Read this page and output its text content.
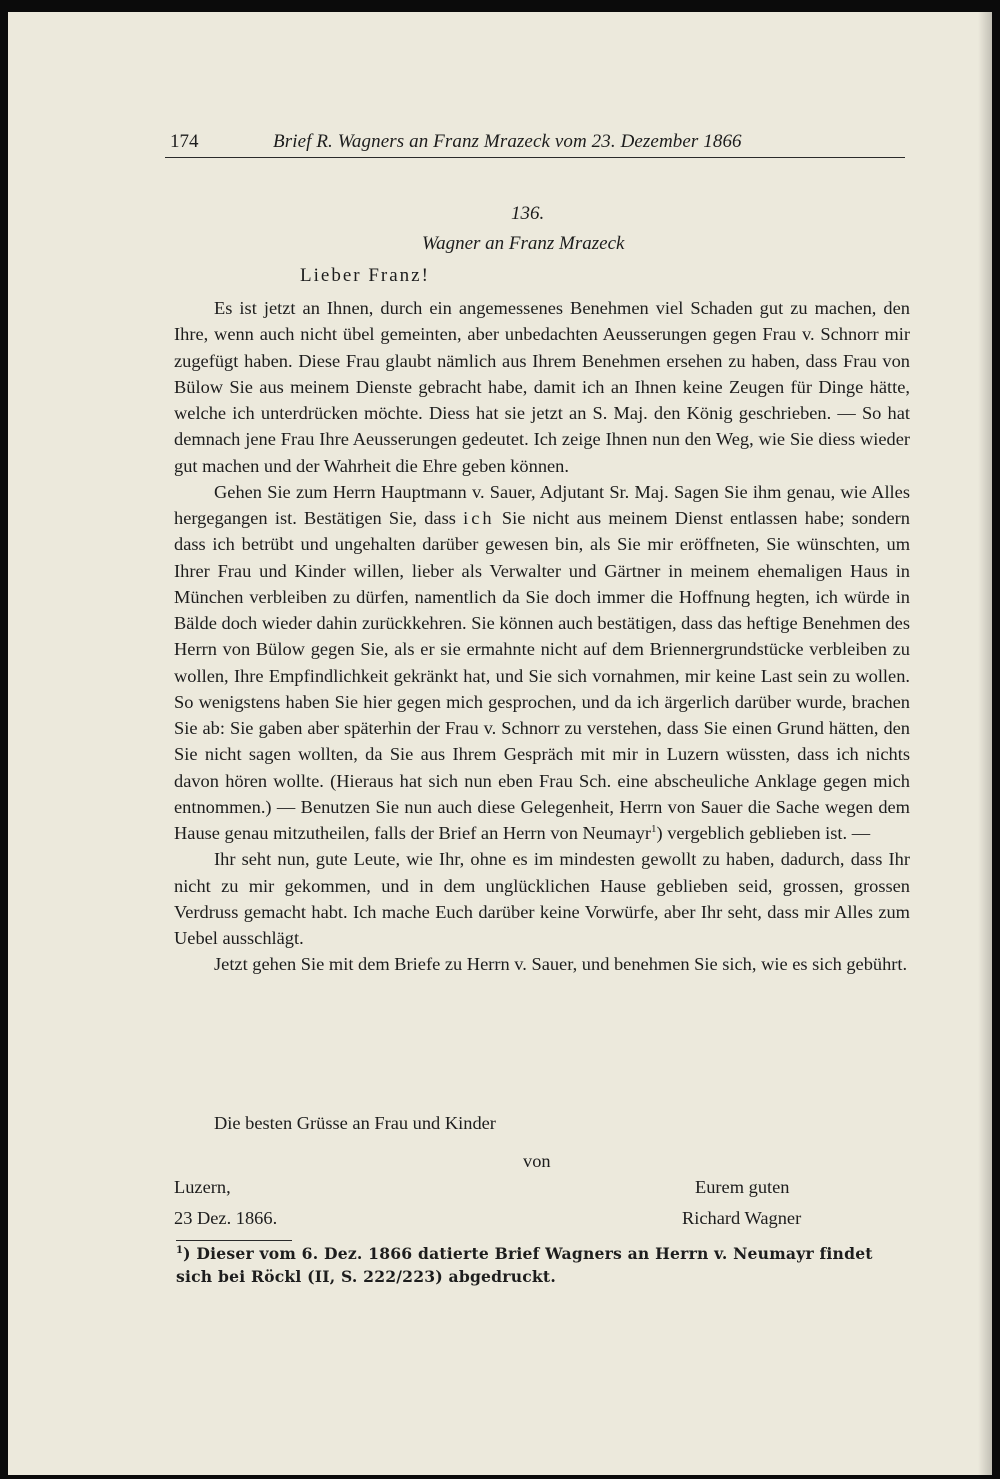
174	Brief R. Wagners an Franz Mrazeck vom 23. Dezember 1866
136.
Wagner an Franz Mrazeck
Lieber Franz!

Es ist jetzt an Ihnen, durch ein angemessenes Benehmen viel Schaden gut zu machen, den Ihre, wenn auch nicht übel gemeinten, aber unbedachten Aeusserungen gegen Frau v. Schnorr mir zugefügt haben. Diese Frau glaubt nämlich aus Ihrem Benehmen ersehen zu haben, dass Frau von Bülow Sie aus meinem Dienste gebracht habe, damit ich an Ihnen keine Zeugen für Dinge hätte, welche ich unterdrücken möchte. Diess hat sie jetzt an S. Maj. den König geschrieben. — So hat demnach jene Frau Ihre Aeusserungen gedeutet. Ich zeige Ihnen nun den Weg, wie Sie diess wieder gut machen und der Wahrheit die Ehre geben können.

Gehen Sie zum Herrn Hauptmann v. Sauer, Adjutant Sr. Maj. Sagen Sie ihm genau, wie Alles hergegangen ist. Bestätigen Sie, dass ich Sie nicht aus meinem Dienst entlassen habe; sondern dass ich betrübt und ungehalten darüber gewesen bin, als Sie mir eröffneten, Sie wünschten, um Ihrer Frau und Kinder willen, lieber als Verwalter und Gärtner in meinem ehemaligen Haus in München verbleiben zu dürfen, namentlich da Sie doch immer die Hoffnung hegten, ich würde in Bälde doch wieder dahin zurückkehren. Sie können auch bestätigen, dass das heftige Benehmen des Herrn von Bülow gegen Sie, als er sie ermahnte nicht auf dem Briennergrundstücke verbleiben zu wollen, Ihre Empfindlichkeit gekränkt hat, und Sie sich vornahmen, mir keine Last sein zu wollen. So wenigstens haben Sie hier gegen mich gesprochen, und da ich ärgerlich darüber wurde, brachen Sie ab: Sie gaben aber späterhin der Frau v. Schnorr zu verstehen, dass Sie einen Grund hätten, den Sie nicht sagen wollten, da Sie aus Ihrem Gespräch mit mir in Luzern wüssten, dass ich nichts davon hören wollte. (Hieraus hat sich nun eben Frau Sch. eine abscheuliche Anklage gegen mich entnommen.) — Benutzen Sie nun auch diese Gelegenheit, Herrn von Sauer die Sache wegen dem Hause genau mitzutheilen, falls der Brief an Herrn von Neumayr$^1$) vergeblich geblieben ist. —

Ihr seht nun, gute Leute, wie Ihr, ohne es im mindesten gewollt zu haben, dadurch, dass Ihr nicht zu mir gekommen, und in dem unglücklichen Hause geblieben seid, grossen, grossen Verdruss gemacht habt. Ich mache Euch darüber keine Vorwürfe, aber Ihr seht, dass mir Alles zum Uebel ausschlägt.

Jetzt gehen Sie mit dem Briefe zu Herrn v. Sauer, und benehmen Sie sich, wie es sich gebührt.

Die besten Grüsse an Frau und Kinder
von
Luzern,
23 Dez. 1866.
Eurem guten
Richard Wagner
$^1$) Dieser vom 6. Dez. 1866 datierte Brief Wagners an Herrn v. Neumayr findet sich bei Röckl (II, S. 222/223) abgedruckt.
